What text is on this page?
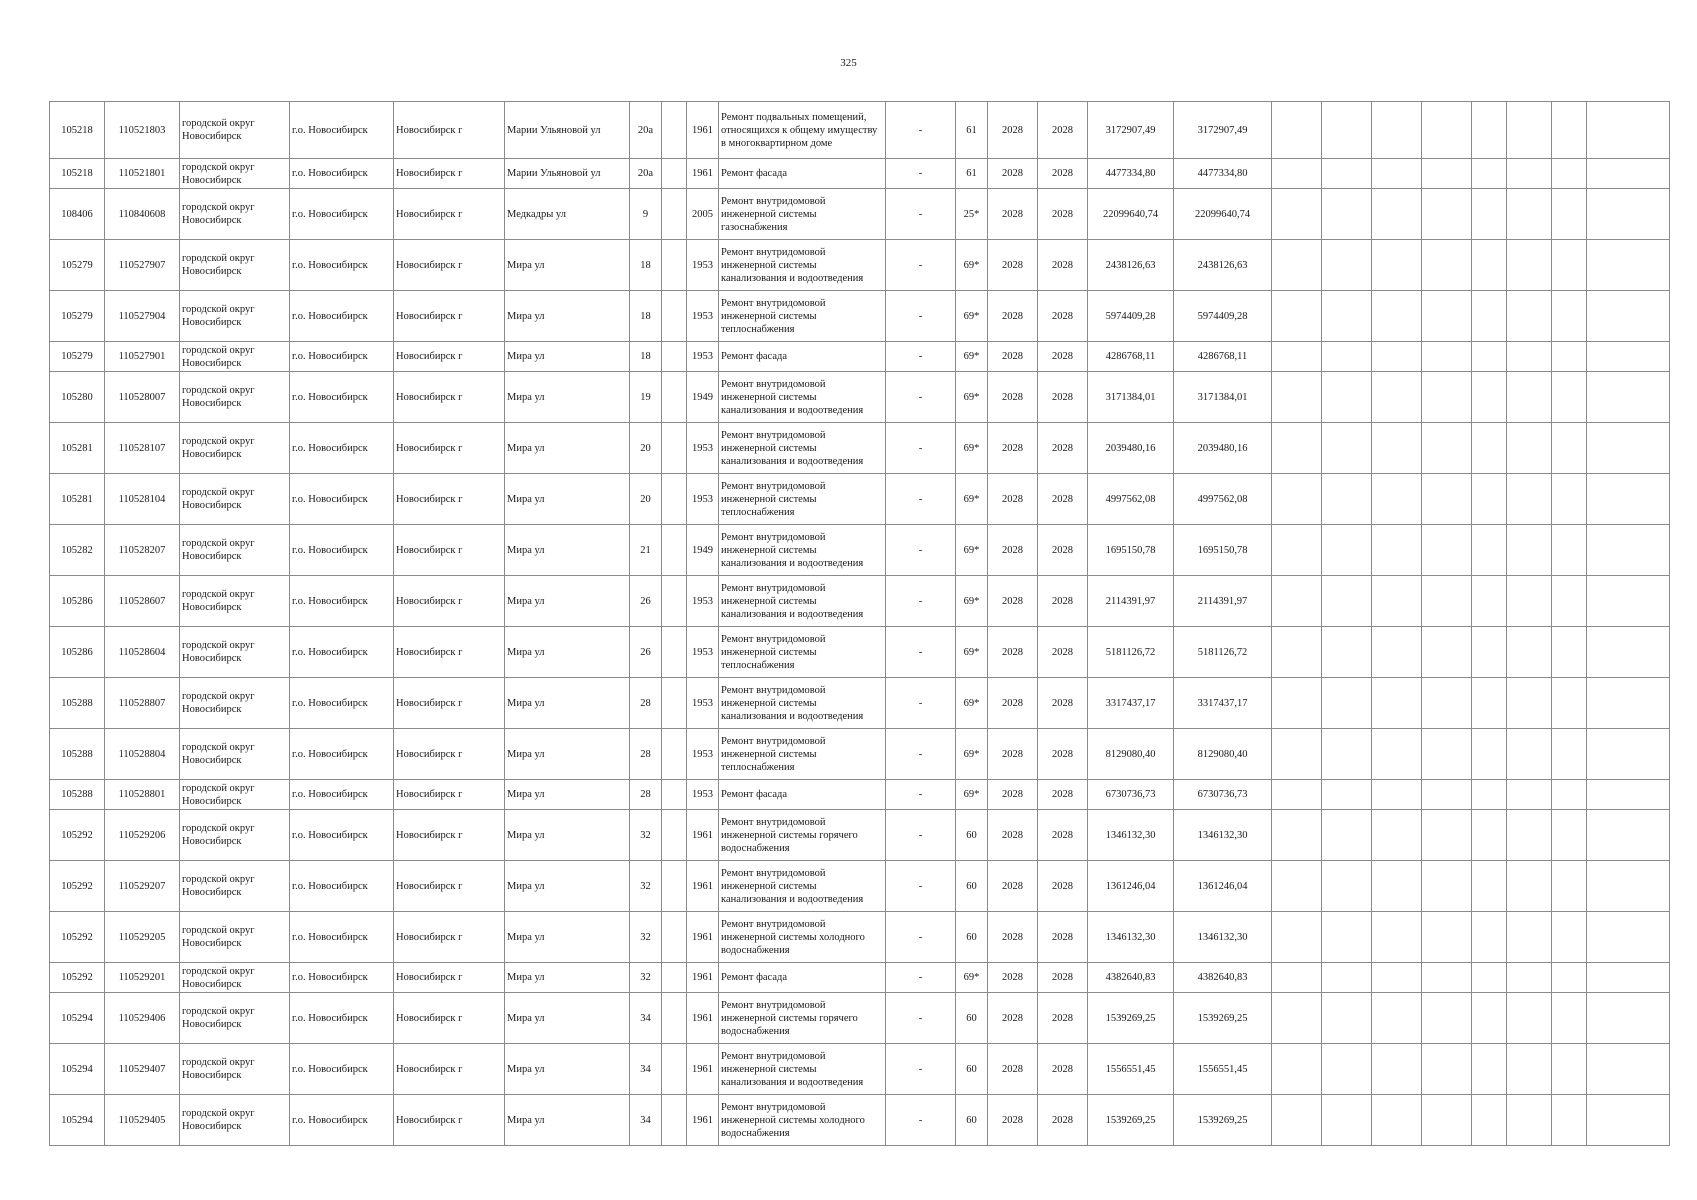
325
105218	110521803	городской округ Новосибирск	г.о. Новосибирск	Новосибирск г	Марии Ульяновой ул	20а		1961	Ремонт подвальных помещений, относящихся к общему имуществу в многоквартирном доме	-	61	2028	2028	3172907,49	3172907,49								
105218	110521801	городской округ Новосибирск	г.о. Новосибирск	Новосибирск г	Марии Ульяновой ул	20а		1961	Ремонт фасада	-	61	2028	2028	4477334,80	4477334,80								
108406	110840608	городской округ Новосибирск	г.о. Новосибирск	Новосибирск г	Медкадры ул	9		2005	Ремонт внутридомовой инженерной системы газоснабжения	-	25*	2028	2028	22099640,74	22099640,74								
105279	110527907	городской округ Новосибирск	г.о. Новосибирск	Новосибирск г	Мира ул	18		1953	Ремонт внутридомовой инженерной системы канализования и водоотведения	-	69*	2028	2028	2438126,63	2438126,63								
105279	110527904	городской округ Новосибирск	г.о. Новосибирск	Новосибирск г	Мира ул	18		1953	Ремонт внутридомовой инженерной системы теплоснабжения	-	69*	2028	2028	5974409,28	5974409,28								
105279	110527901	городской округ Новосибирск	г.о. Новосибирск	Новосибирск г	Мира ул	18		1953	Ремонт фасада	-	69*	2028	2028	4286768,11	4286768,11								
105280	110528007	городской округ Новосибирск	г.о. Новосибирск	Новосибирск г	Мира ул	19		1949	Ремонт внутридомовой инженерной системы канализования и водоотведения	-	69*	2028	2028	3171384,01	3171384,01								
105281	110528107	городской округ Новосибирск	г.о. Новосибирск	Новосибирск г	Мира ул	20		1953	Ремонт внутридомовой инженерной системы канализования и водоотведения	-	69*	2028	2028	2039480,16	2039480,16								
105281	110528104	городской округ Новосибирск	г.о. Новосибирск	Новосибирск г	Мира ул	20		1953	Ремонт внутридомовой инженерной системы теплоснабжения	-	69*	2028	2028	4997562,08	4997562,08								
105282	110528207	городской округ Новосибирск	г.о. Новосибирск	Новосибирск г	Мира ул	21		1949	Ремонт внутридомовой инженерной системы канализования и водоотведения	-	69*	2028	2028	1695150,78	1695150,78								
105286	110528607	городской округ Новосибирск	г.о. Новосибирск	Новосибирск г	Мира ул	26		1953	Ремонт внутридомовой инженерной системы канализования и водоотведения	-	69*	2028	2028	2114391,97	2114391,97								
105286	110528604	городской округ Новосибирск	г.о. Новосибирск	Новосибирск г	Мира ул	26		1953	Ремонт внутридомовой инженерной системы теплоснабжения	-	69*	2028	2028	5181126,72	5181126,72								
105288	110528807	городской округ Новосибирск	г.о. Новосибирск	Новосибирск г	Мира ул	28		1953	Ремонт внутридомовой инженерной системы канализования и водоотведения	-	69*	2028	2028	3317437,17	3317437,17								
105288	110528804	городской округ Новосибирск	г.о. Новосибирск	Новосибирск г	Мира ул	28		1953	Ремонт внутридомовой инженерной системы теплоснабжения	-	69*	2028	2028	8129080,40	8129080,40								
105288	110528801	городской округ Новосибирск	г.о. Новосибирск	Новосибирск г	Мира ул	28		1953	Ремонт фасада	-	69*	2028	2028	6730736,73	6730736,73								
105292	110529206	городской округ Новосибирск	г.о. Новосибирск	Новосибирск г	Мира ул	32		1961	Ремонт внутридомовой инженерной системы горячего водоснабжения	-	60	2028	2028	1346132,30	1346132,30								
105292	110529207	городской округ Новосибирск	г.о. Новосибирск	Новосибирск г	Мира ул	32		1961	Ремонт внутридомовой инженерной системы канализования и водоотведения	-	60	2028	2028	1361246,04	1361246,04								
105292	110529205	городской округ Новосибирск	г.о. Новосибирск	Новосибирск г	Мира ул	32		1961	Ремонт внутридомовой инженерной системы холодного водоснабжения	-	60	2028	2028	1346132,30	1346132,30								
105292	110529201	городской округ Новосибирск	г.о. Новосибирск	Новосибирск г	Мира ул	32		1961	Ремонт фасада	-	69*	2028	2028	4382640,83	4382640,83								
105294	110529406	городской округ Новосибирск	г.о. Новосибирск	Новосибирск г	Мира ул	34		1961	Ремонт внутридомовой инженерной системы горячего водоснабжения	-	60	2028	2028	1539269,25	1539269,25								
105294	110529407	городской округ Новосибирск	г.о. Новосибирск	Новосибирск г	Мира ул	34		1961	Ремонт внутридомовой инженерной системы канализования и водоотведения	-	60	2028	2028	1556551,45	1556551,45								
105294	110529405	городской округ Новосибирск	г.о. Новосибирск	Новосибирск г	Мира ул	34		1961	Ремонт внутридомовой инженерной системы холодного водоснабжения	-	60	2028	2028	1539269,25	1539269,25								
